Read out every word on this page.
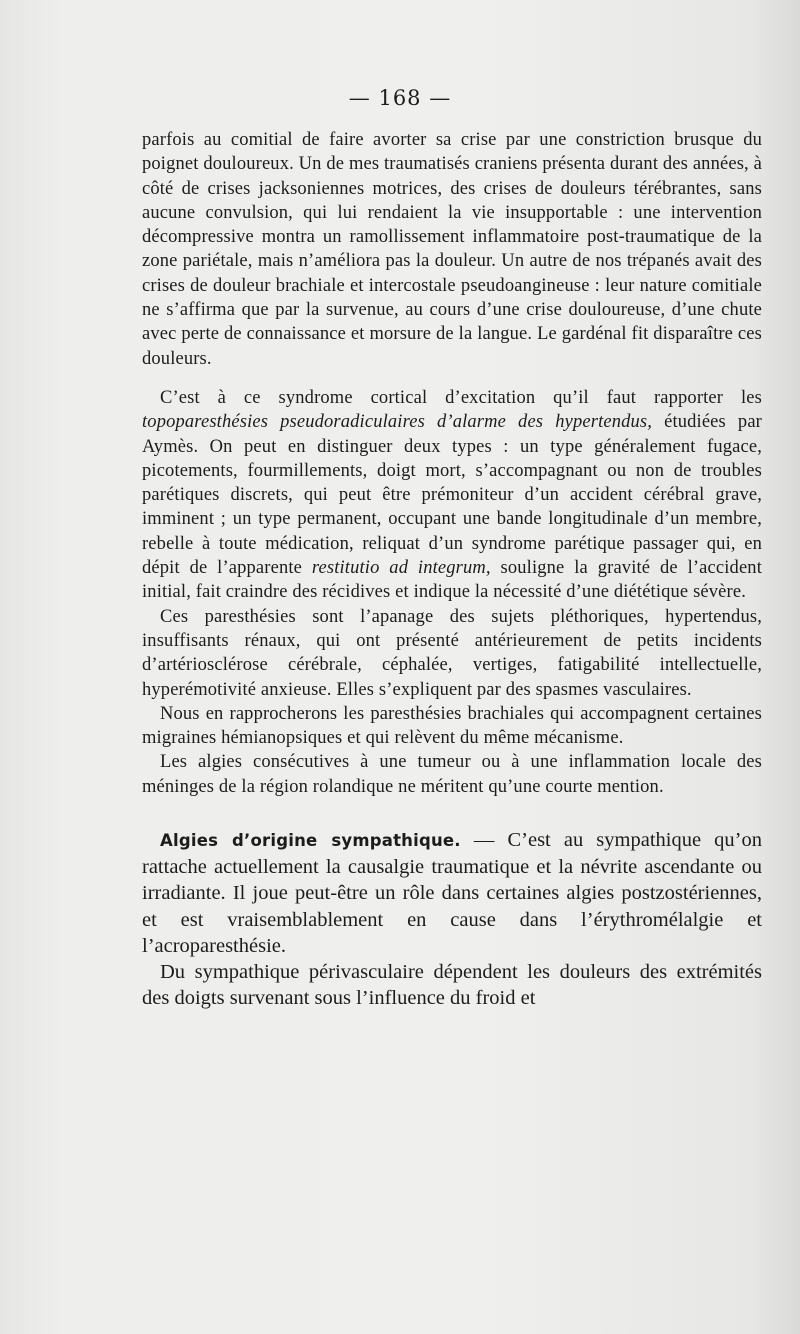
— 168 —

parfois au comitial de faire avorter sa crise par une constriction brusque du poignet douloureux. Un de mes traumatisés craniens présenta durant des années, à côté de crises jacksoniennes motrices, des crises de douleurs térébrantes, sans aucune convulsion, qui lui rendaient la vie insupportable : une intervention décompressive montra un ramollissement inflammatoire post-traumatique de la zone pariétale, mais n’améliora pas la douleur. Un autre de nos trépanés avait des crises de douleur brachiale et intercostale pseudoangineuse : leur nature comitiale ne s’affirma que par la survenue, au cours d’une crise douloureuse, d’une chute avec perte de connaissance et morsure de la langue. Le gardénal fit disparaître ces douleurs.

C’est à ce syndrome cortical d’excitation qu’il faut rapporter les topoparesthésies pseudoradiculaires d’alarme des hypertendus, étudiées par Aymès. On peut en distinguer deux types : un type généralement fugace, picotements, fourmillements, doigt mort, s’accompagnant ou non de troubles parétiques discrets, qui peut être prémoniteur d’un accident cérébral grave, imminent ; un type permanent, occupant une bande longitudinale d’un membre, rebelle à toute médication, reliquat d’un syndrome parétique passager qui, en dépit de l’apparente restitutio ad integrum, souligne la gravité de l’accident initial, fait craindre des récidives et indique la nécessité d’une diététique sévère.

Ces paresthésies sont l’apanage des sujets pléthoriques, hypertendus, insuffisants rénaux, qui ont présenté antérieurement de petits incidents d’artériosclérose cérébrale, céphalée, vertiges, fatigabilité intellectuelle, hyperémotivité anxieuse. Elles s’expliquent par des spasmes vasculaires.

Nous en rapprocherons les paresthésies brachiales qui accompagnent certaines migraines hémianopsiques et qui relèvent du même mécanisme.

Les algies consécutives à une tumeur ou à une inflammation locale des méninges de la région rolandique ne méritent qu’une courte mention.

Algies d’origine sympathique. — C’est au sympathique qu’on rattache actuellement la causalgie traumatique et la névrite ascendante ou irradiante. Il joue peut-être un rôle dans certaines algies postzostériennes, et est vraisemblablement en cause dans l’érythromélalgie et l’acroparesthésie.

Du sympathique périvasculaire dépendent les douleurs des extrémités des doigts survenant sous l’influence du froid et
